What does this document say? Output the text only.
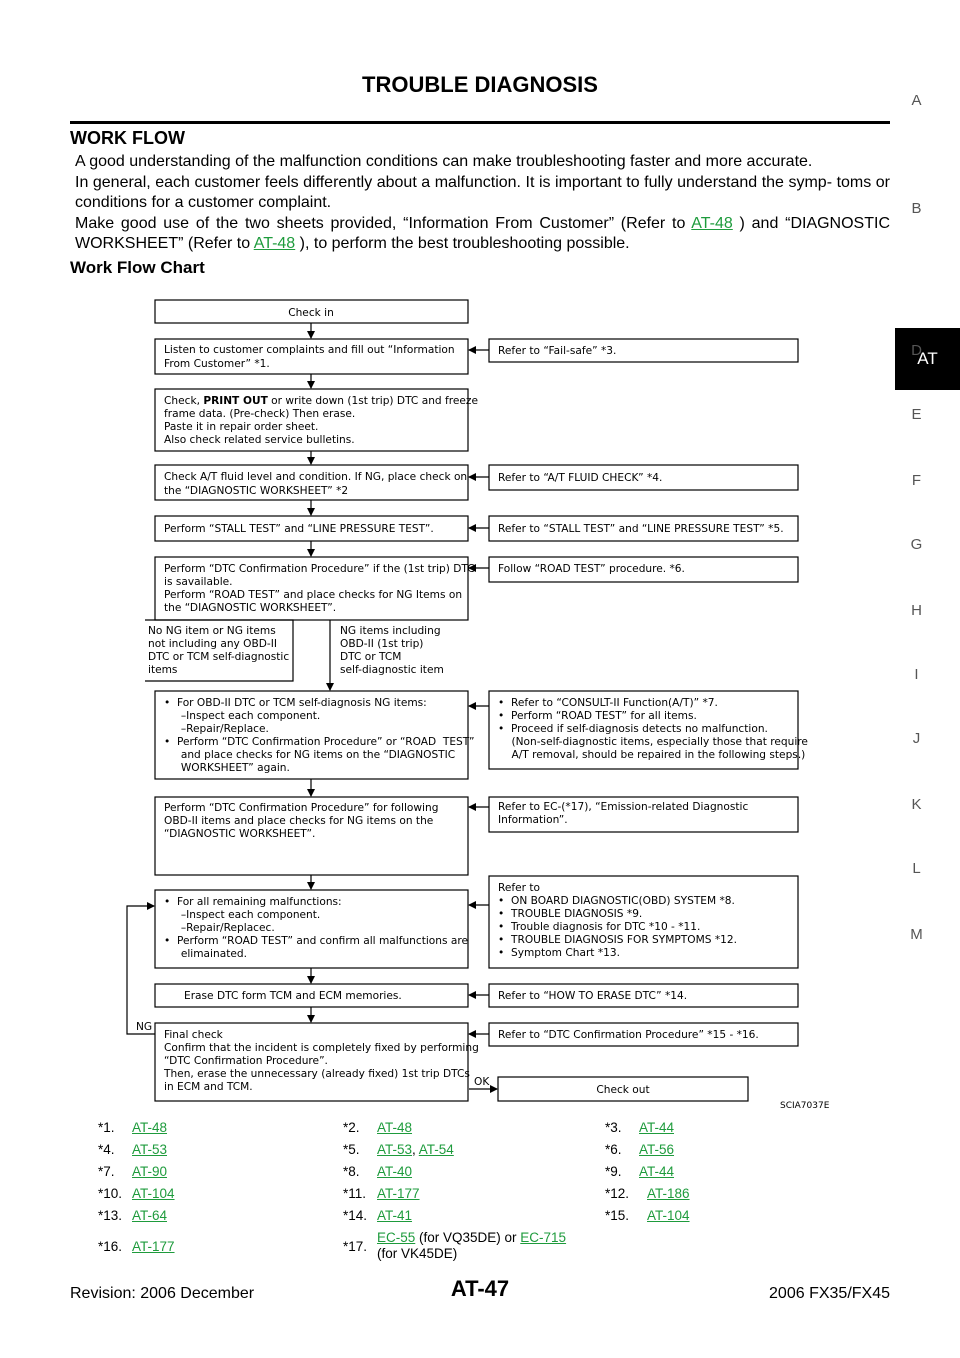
TROUBLE DIAGNOSIS
WORK FLOW

A good understanding of the malfunction conditions can make troubleshooting faster and more accurate.

In general, each customer feels differently about a malfunction. It is important to fully understand the symp- toms or conditions for a customer complaint.

Make good use of the two sheets provided, “Information From Customer” (Refer to AT-48 ) and “DIAGNOSTIC WORKSHEET” (Refer to AT-48 ), to perform the best troubleshooting possible.

Work Flow Chart
A
B
AT
D
E
F
G
H
I
J
K
L
M
Check in
Listen to customer complaints and fill out “Information
From Customer” *1.
Check, PRINT OUT or write down (1st trip) DTC and freeze
frame data. (Pre-check) Then erase.
Paste it in repair order sheet.
Also check related service bulletins.
Check A/T fluid level and condition. If NG, place check on
the “DIAGNOSTIC WORKSHEET” *2
Perform “STALL TEST” and “LINE PRESSURE TEST”.
Perform “DTC Confirmation Procedure” if the (1st trip) DTC
is savailable.
Perform “ROAD TEST” and place checks for NG Items on
the “DIAGNOSTIC WORKSHEET”.
No NG item or NG items
not including any OBD-II
DTC or TCM self-diagnostic
items
NG items including
OBD-II (1st trip)
DTC or TCM
self-diagnostic item
•  For OBD-II DTC or TCM self-diagnosis NG items:
–Inspect each component.
–Repair/Replace.
•  Perform “DTC Confirmation Procedure” or “ROAD  TEST”
and place checks for NG items on the “DIAGNOSTIC
WORKSHEET” again.
Perform “DTC Confirmation Procedure” for following
OBD-II items and place checks for NG items on the
“DIAGNOSTIC WORKSHEET”.
•  For all remaining malfunctions:
–Inspect each component.
–Repair/Replacec.
•  Perform “ROAD TEST” and confirm all malfunctions are
elimainated.
Erase DTC form TCM and ECM memories.
Final check
Confirm that the incident is completely fixed by performing
“DTC Confirmation Procedure”.
Then, erase the unnecessary (already fixed) 1st trip DTCs
in ECM and TCM.	Check out
Refer to “Fail-safe” *3.
Refer to “A/T FLUID CHECK” *4.
Refer to “STALL TEST” and “LINE PRESSURE TEST” *5.
Follow “ROAD TEST” procedure. *6.
•  Refer to “CONSULT-II Function(A/T)” *7.
•  Perform “ROAD TEST” for all items.
•  Proceed if self-diagnosis detects no malfunction.
(Non-self-diagnostic items, especially those that require
A/T removal, should be repaired in the following steps.)
Refer to EC-(*17), “Emission-related Diagnostic
Information”.
Refer to
•  ON BOARD DIAGNOSTIC(OBD) SYSTEM *8.
•  TROUBLE DIAGNOSIS *9.
•  Trouble diagnosis for DTC *10 - *11.
•  TROUBLE DIAGNOSIS FOR SYMPTOMS *12.
•  Symptom Chart *13.
Refer to “HOW TO ERASE DTC” *14.
Refer to “DTC Confirmation Procedure” *15 - *16.
NG
OK
SCIA7037E
*1. AT-48	*2. AT-48	*3. AT-44
*4. AT-53	*5. AT-53, AT-54	*6. AT-56
*7. AT-90	*8. AT-40	*9. AT-44
*10. AT-104	*11. AT-177	*12. AT-186
*13. AT-64	*14. AT-41	*15. AT-104
*16. AT-177	*17.
EC-55 (for VQ35DE) or EC-715
(for VK45DE)
Revision: 2006 December	AT-47	2006 FX35/FX45
